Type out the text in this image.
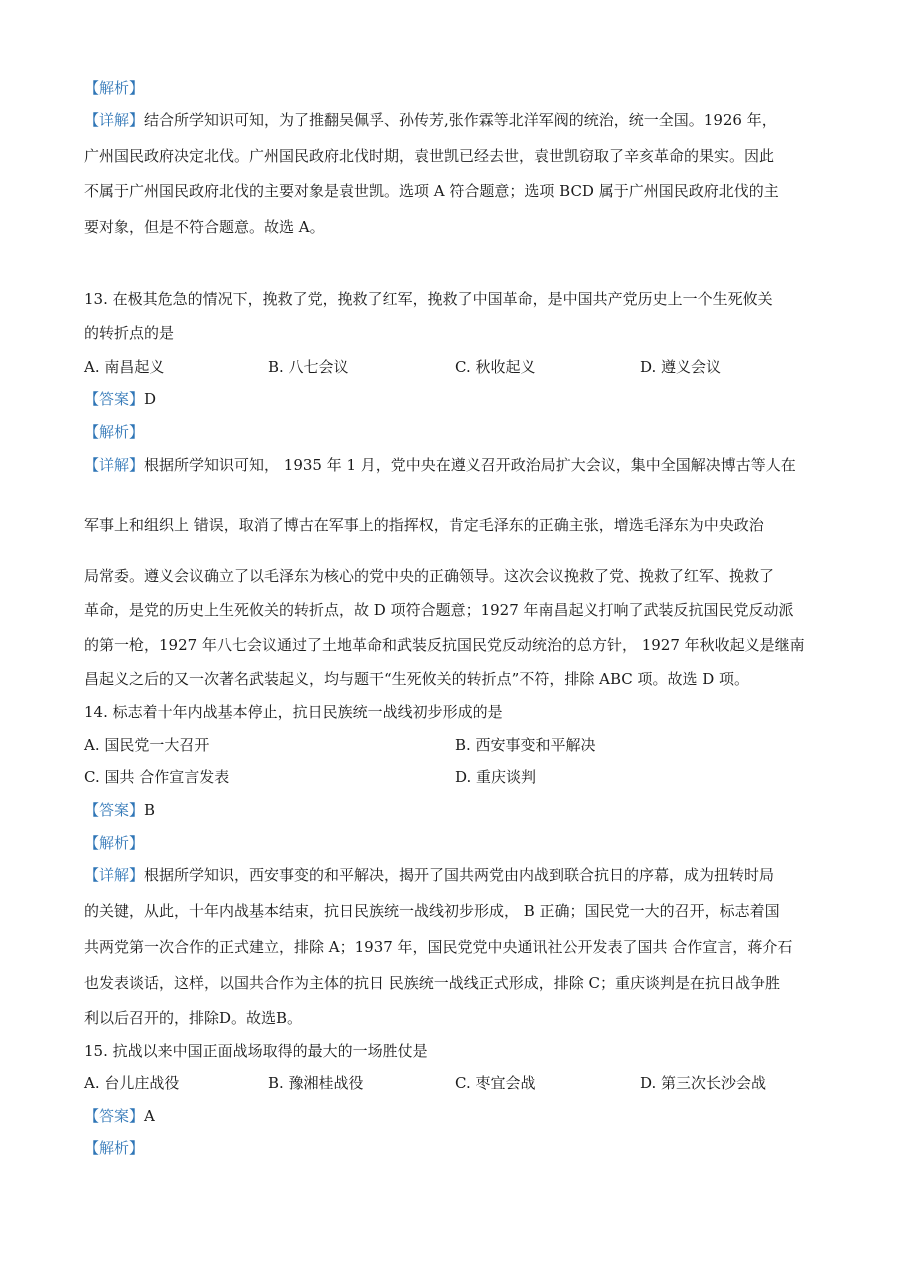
【解析】
【详解】结合所学知识可知，为了推翻吴佩孚、孙传芳,张作霖等北洋军阀的统治，统一全国。1926 年，
广州国民政府决定北伐。广州国民政府北伐时期，袁世凯已经去世，袁世凯窃取了辛亥革命的果实。因此
不属于广州国民政府北伐的主要对象是袁世凯。选项 A 符合题意；选项 BCD 属于广州国民政府北伐的主
要对象，但是不符合题意。故选 A。
13. 在极其危急的情况下，挽救了党，挽救了红军，挽救了中国革命，是中国共产党历史上一个生死攸关
的转折点的是
A. 南昌起义	B. 八七会议	C. 秋收起义	D. 遵义会议
【答案】D
【解析】
【详解】根据所学知识可知， 1935 年 1 月，党中央在遵义召开政治局扩大会议，集中全国解决博古等人在
军事上和组织上 错误，取消了博古在军事上的指挥权，肯定毛泽东的正确主张，增选毛泽东为中央政治
局常委。遵义会议确立了以毛泽东为核心的党中央的正确领导。这次会议挽救了党、挽救了红军、挽救了
革命，是党的历史上生死攸关的转折点，故 D 项符合题意；1927 年南昌起义打响了武装反抗国民党反动派
的第一枪，1927 年八七会议通过了土地革命和武装反抗国民党反动统治的总方针， 1927 年秋收起义是继南
昌起义之后的又一次著名武装起义，均与题干“生死攸关的转折点”不符，排除 ABC 项。故选 D 项。
14. 标志着十年内战基本停止，抗日民族统一战线初步形成的是
A. 国民党一大召开	B. 西安事变和平解决
C. 国共 合作宣言发表	D. 重庆谈判
【答案】B
【解析】
【详解】根据所学知识，西安事变的和平解决，揭开了国共两党由内战到联合抗日的序幕，成为扭转时局
的关键，从此，十年内战基本结束，抗日民族统一战线初步形成， B 正确；国民党一大的召开，标志着国
共两党第一次合作的正式建立，排除 A；1937 年，国民党党中央通讯社公开发表了国共 合作宣言，蒋介石
也发表谈话，这样，以国共合作为主体的抗日 民族统一战线正式形成，排除 C；重庆谈判是在抗日战争胜
利以后召开的，排除D。故选B。
15. 抗战以来中国正面战场取得的最大的一场胜仗是
A. 台儿庄战役	B. 豫湘桂战役	C. 枣宜会战	D. 第三次长沙会战
【答案】A
【解析】
